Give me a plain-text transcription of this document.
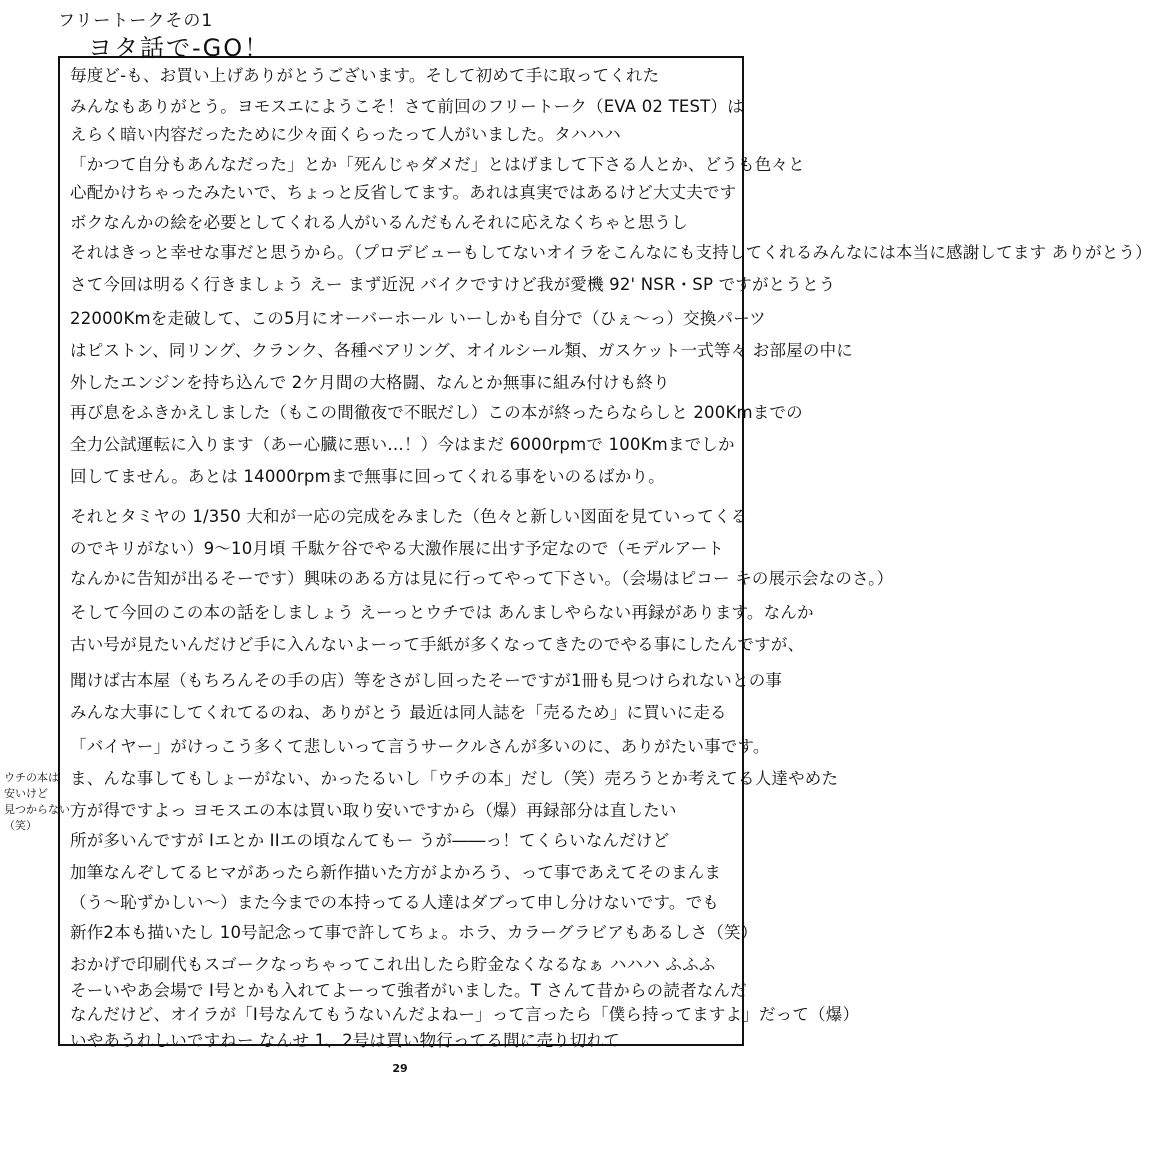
フリートークその1
ヨタ話で-GO！
毎度ど-も、お買い上げありがとうございます。そして初めて手に取ってくれた
みんなもありがとう。ヨモスエにようこそ！さて前回のフリートーク（EVA 02 TEST）は
えらく暗い内容だったために少々面くらったって人がいました。タハハハ
「かつて自分もあんなだった」とか「死んじゃダメだ」とはげまして下さる人とか、どうも色々と
心配かけちゃったみたいで、ちょっと反省してます。あれは真実ではあるけど大丈夫です
ボクなんかの絵を必要としてくれる人がいるんだもんそれに応えなくちゃと思うし
それはきっと幸せな事だと思うから。（プロデビューもしてないオイラをこんなにも支持してくれるみんなには本当に感謝してます ありがとう）
さて今回は明るく行きましょう えー まず近況 バイクですけど我が愛機 92' NSR・SP ですがとうとう
22000Kmを走破して、この5月にオーバーホール いーしかも自分で（ひぇ～っ）交換パーツ
はピストン、同リング、クランク、各種ベアリング、オイルシール類、ガスケット一式等々 お部屋の中に
外したエンジンを持ち込んで 2ケ月間の大格闘、なんとか無事に組み付けも終り
再び息をふきかえしました（もこの間徹夜で不眠だし）この本が終ったらならしと 200Kmまでの
全力公試運転に入ります（あー心臓に悪い…！）今はまだ 6000rpmで 100Kmまでしか
回してません。あとは 14000rpmまで無事に回ってくれる事をいのるばかり。
それとタミヤの 1/350 大和が一応の完成をみました（色々と新しい図面を見ていってくる
のでキリがない）9～10月頃 千駄ケ谷でやる大激作展に出す予定なので（モデルアート
なんかに告知が出るそーです）興味のある方は見に行ってやって下さい。（会場はピコー キの展示会なのさ。）
そして今回のこの本の話をしましょう えーっとウチでは あんましやらない再録があります。なんか
古い号が見たいんだけど手に入んないよーって手紙が多くなってきたのでやる事にしたんですが、
聞けば古本屋（もちろんその手の店）等をさがし回ったそーですが1冊も見つけられないとの事
みんな大事にしてくれてるのね、ありがとう 最近は同人誌を「売るため」に買いに走る
「バイヤー」がけっこう多くて悲しいって言うサークルさんが多いのに、ありがたい事です。
ま、んな事してもしょーがない、かったるいし「ウチの本」だし（笑）売ろうとか考えてる人達やめた
方が得ですよっ ヨモスエの本は買い取り安いですから（爆）再録部分は直したい
所が多いんですが Iエとか IIエの頃なんてもー うが――っ！てくらいなんだけど
加筆なんぞしてるヒマがあったら新作描いた方がよかろう、って事であえてそのまんま
（う～恥ずかしい～）また今までの本持ってる人達はダブって申し分けないです。でも
新作2本も描いたし 10号記念って事で許してちょ。ホラ、カラーグラビアもあるしさ（笑）
おかげで印刷代もスゴークなっちゃってこれ出したら貯金なくなるなぁ ハハハ ふふふ
そーいやあ会場で I号とかも入れてよーって強者がいました。T さんて昔からの読者なんだ
なんだけど、オイラが「I号なんてもうないんだよねー」って言ったら「僕ら持ってますよ」だって（爆）
いやあうれしいですねー なんせ 1、2号は買い物行ってる間に売り切れて
ウチの本は
安いけど
見つからない
（笑）
29
